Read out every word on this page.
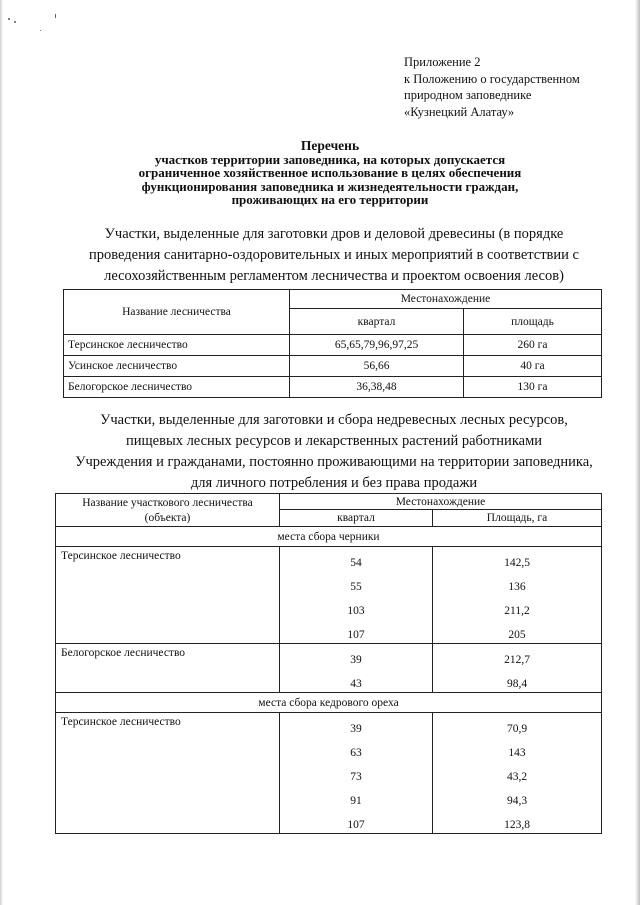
Приложение 2
к Положению о государственном
природном заповеднике
«Кузнецкий Алатау»
Перечень
участков территории заповедника, на которых допускается
ограниченное хозяйственное использование в целях обеспечения
функционирования заповедника и жизнедеятельности граждан,
проживающих на его территории
Участки, выделенные для заготовки дров и деловой древесины (в порядке
проведения санитарно-оздоровительных и иных мероприятий в соответствии с
лесохозяйственным регламентом лесничества и проектом освоения лесов)
Название лесничества	Местонахождение	
	квартал	площадь
Терсинское лесничество	65,65,79,96,97,25	260 га
Усинское лесничество	56,66	40 га
Белогорское лесничество	36,38,48	130 га
Участки, выделенные для заготовки и сбора недревесных лесных ресурсов,
пищевых лесных ресурсов и лекарственных растений работниками
Учреждения и гражданами, постоянно проживающими на территории заповедника,
для личного потребления и без права продажи
Название участкового лесничества
(объекта)	Местонахождение	
	квартал	Площадь, га
места сбора черники		
Терсинское лесничество	54	142,5
	55	136
	103	211,2
	107	205
Белогорское лесничество	39	212,7
	43	98,4
места сбора кедрового ореха		
Терсинское лесничество	39	70,9
	63	143
	73	43,2
	91	94,3
	107	123,8
